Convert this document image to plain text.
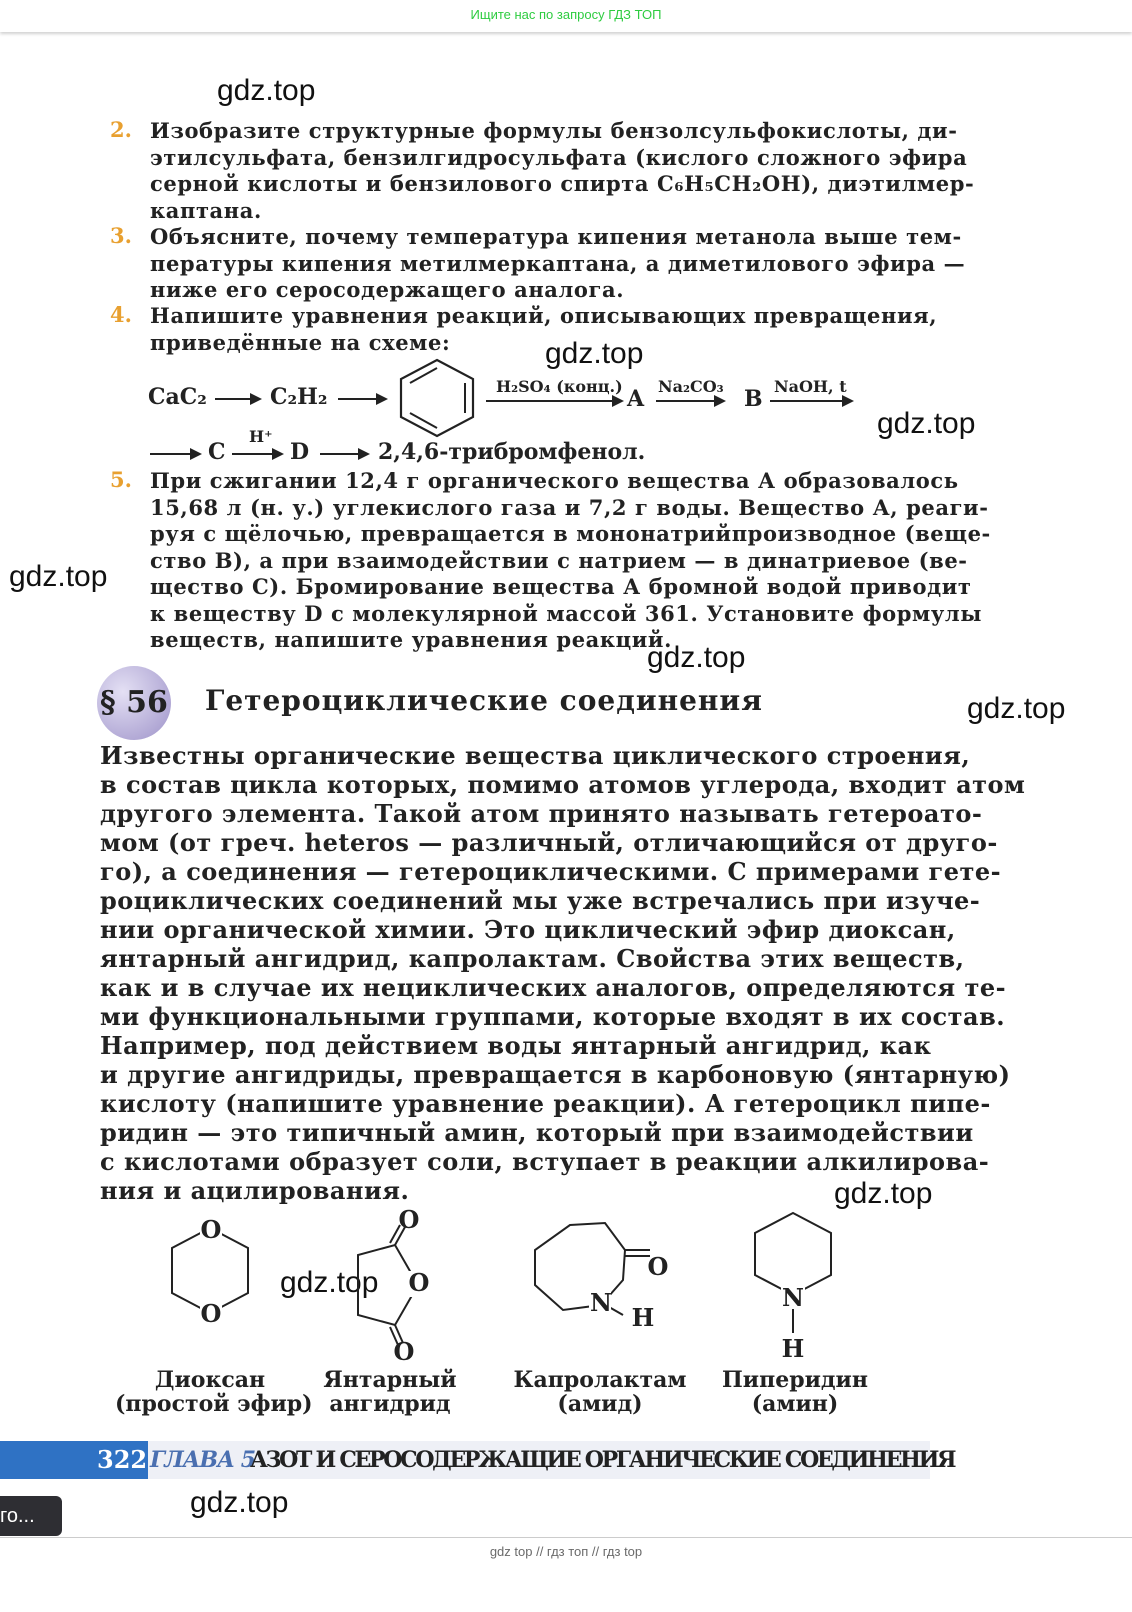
Ищите нас по запросу ГДЗ ТОП
gdz.top
gdz.top
gdz.top
gdz.top
gdz.top
gdz.top
gdz.top
gdz.top
gdz.top
2. Изобразите структурные формулы бензолсульфокислоты, ди-
этилсульфата, бензилгидросульфата (кислого сложного эфира
серной кислоты и бензилового спирта C₆H₅CH₂OH), диэтилмер-
каптана.
3. Объясните, почему температура кипения метанола выше тем-
пературы кипения метилмеркаптана, а диметилового эфира —
ниже его серосодержащего аналога.
4. Напишите уравнения реакций, описывающих превращения,
приведённые на схеме:
CaC₂	C₂H₂	H₂SO₄ (конц.) A Na₂CO₃ B NaOH, t
C
H⁺
D	2,4,6-трибромфенол.
5. При сжигании 12,4 г органического вещества А образовалось
15,68 л (н. у.) углекислого газа и 7,2 г воды. Вещество А, реаги-
руя с щёлочью, превращается в мононатрийпроизводное (веще-
ство В), а при взаимодействии с натрием — в динатриевое (ве-
щество С). Бромирование вещества А бромной водой приводит
к веществу D с молекулярной массой 361. Установите формулы
веществ, напишите уравнения реакций.
§ 56 Гетероциклические соединения
Известны органические вещества циклического строения,
в состав цикла которых, помимо атомов углерода, входит атом
другого элемента. Такой атом принято называть гетероато-
мом (от греч. heteros — различный, отличающийся от друго-
го), а соединения — гетероциклическими. С примерами гете-
роциклических соединений мы уже встречались при изуче-
нии органической химии. Это циклический эфир диоксан,
янтарный ангидрид, капролактам. Свойства этих веществ,
как и в случае их нециклических аналогов, определяются те-
ми функциональными группами, которые входят в их состав.
Например, под действием воды янтарный ангидрид, как
и другие ангидриды, превращается в карбоновую (янтарную)
кислоту (напишите уравнение реакции). А гетероцикл пипе-
ридин — это типичный амин, который при взаимодействии
с кислотами образует соли, вступает в реакции алкилирова-
ния и ацилирования.
O
O
O
O
O
N
H
O
N
H
Диоксан
(простой эфир)
Янтарный
ангидрид
Капролактам
(амид)
Пиперидин
(амин)
322 ГЛАВА 5
АЗОТ И СЕРОСОДЕРЖАЩИЕ ОРГАНИЧЕСКИЕ СОЕДИНЕНИЯ
го...
gdz top // гдз топ // гдз top
